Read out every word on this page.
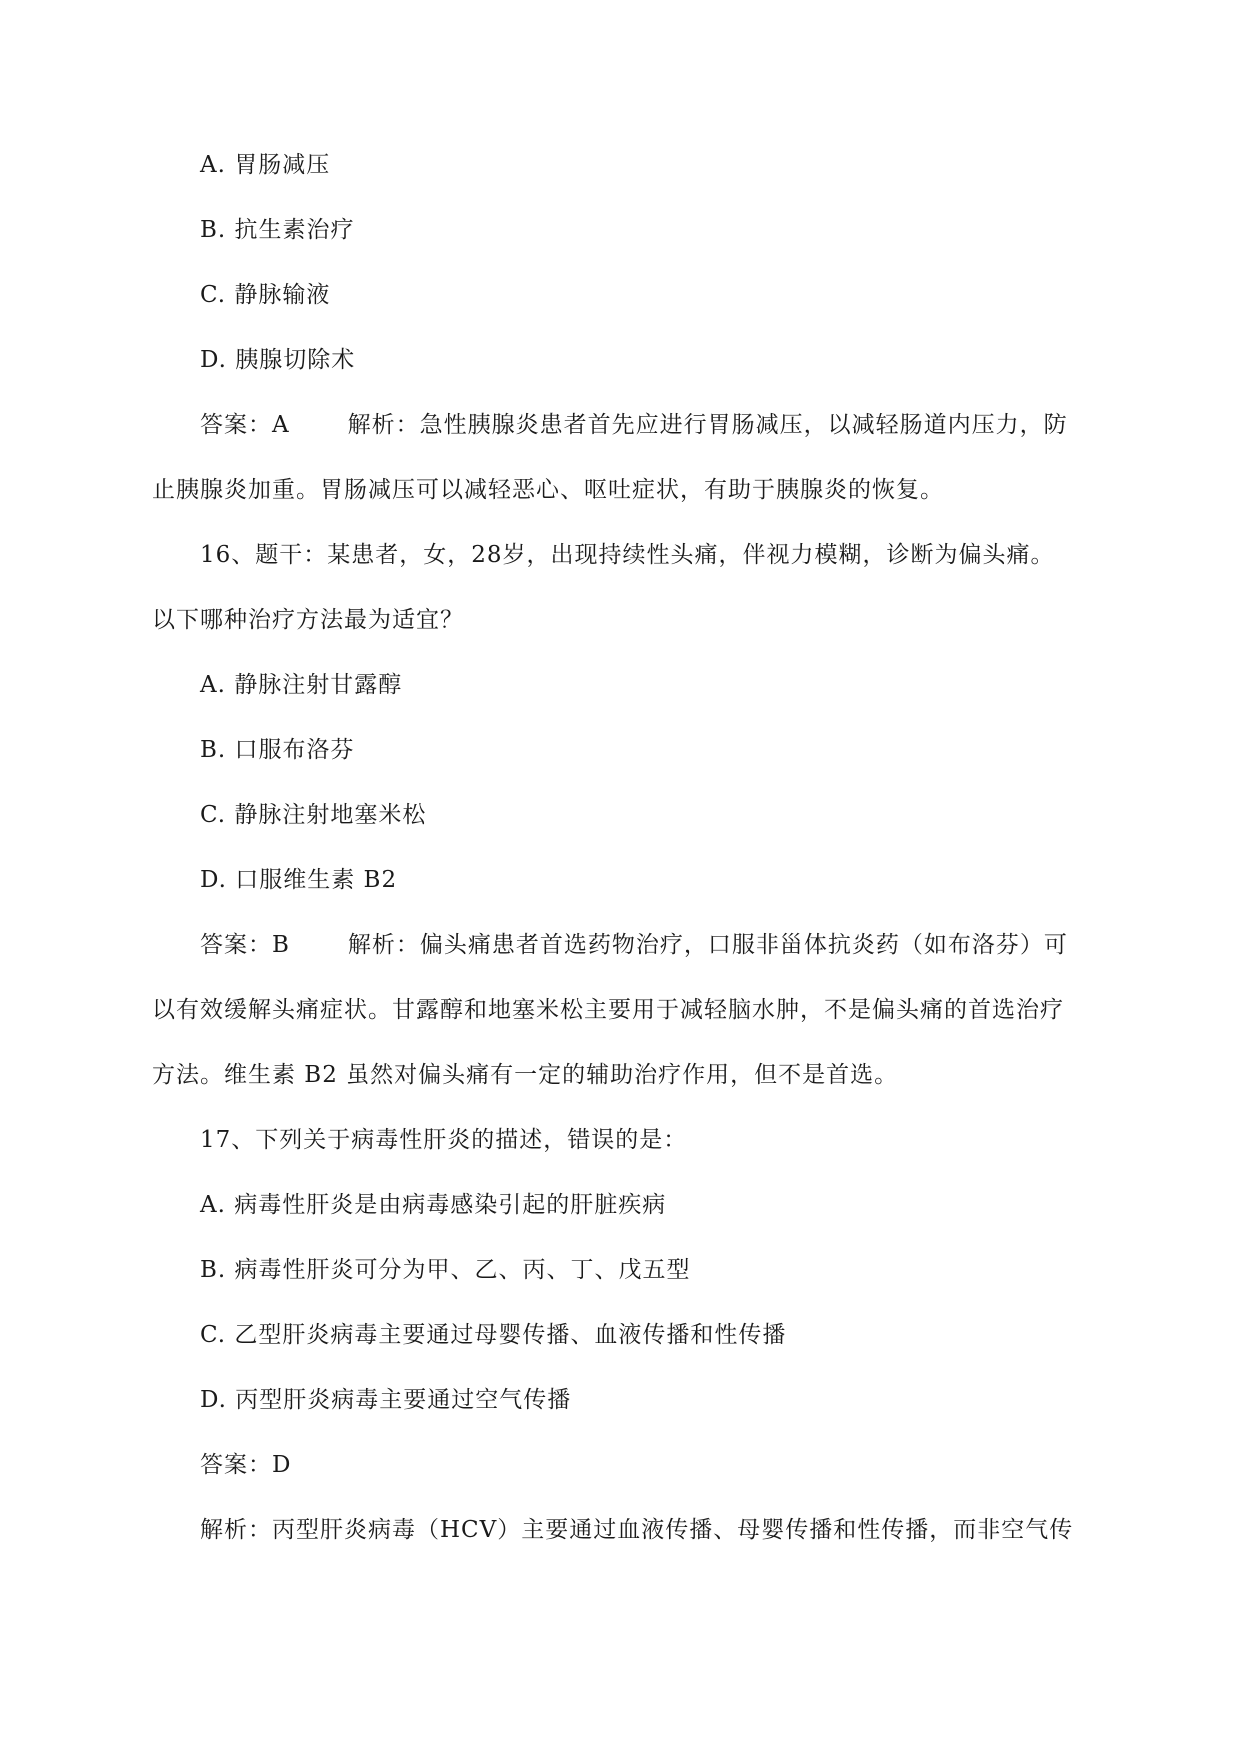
A. 胃肠减压
B. 抗生素治疗
C. 静脉输液
D. 胰腺切除术
答案：A	解析：急性胰腺炎患者首先应进行胃肠减压，以减轻肠道内压力，防
止胰腺炎加重。胃肠减压可以减轻恶心、呕吐症状，有助于胰腺炎的恢复。
16、题干：某患者，女，28岁，出现持续性头痛，伴视力模糊，诊断为偏头痛。
以下哪种治疗方法最为适宜？
A. 静脉注射甘露醇
B. 口服布洛芬
C. 静脉注射地塞米松
D. 口服维生素 B2
答案：B	解析：偏头痛患者首选药物治疗，口服非甾体抗炎药（如布洛芬）可
以有效缓解头痛症状。甘露醇和地塞米松主要用于减轻脑水肿，不是偏头痛的首选治疗
方法。维生素 B2 虽然对偏头痛有一定的辅助治疗作用，但不是首选。
17、下列关于病毒性肝炎的描述，错误的是：
A. 病毒性肝炎是由病毒感染引起的肝脏疾病
B. 病毒性肝炎可分为甲、乙、丙、丁、戊五型
C. 乙型肝炎病毒主要通过母婴传播、血液传播和性传播
D. 丙型肝炎病毒主要通过空气传播
答案：D
解析：丙型肝炎病毒（HCV）主要通过血液传播、母婴传播和性传播，而非空气传
